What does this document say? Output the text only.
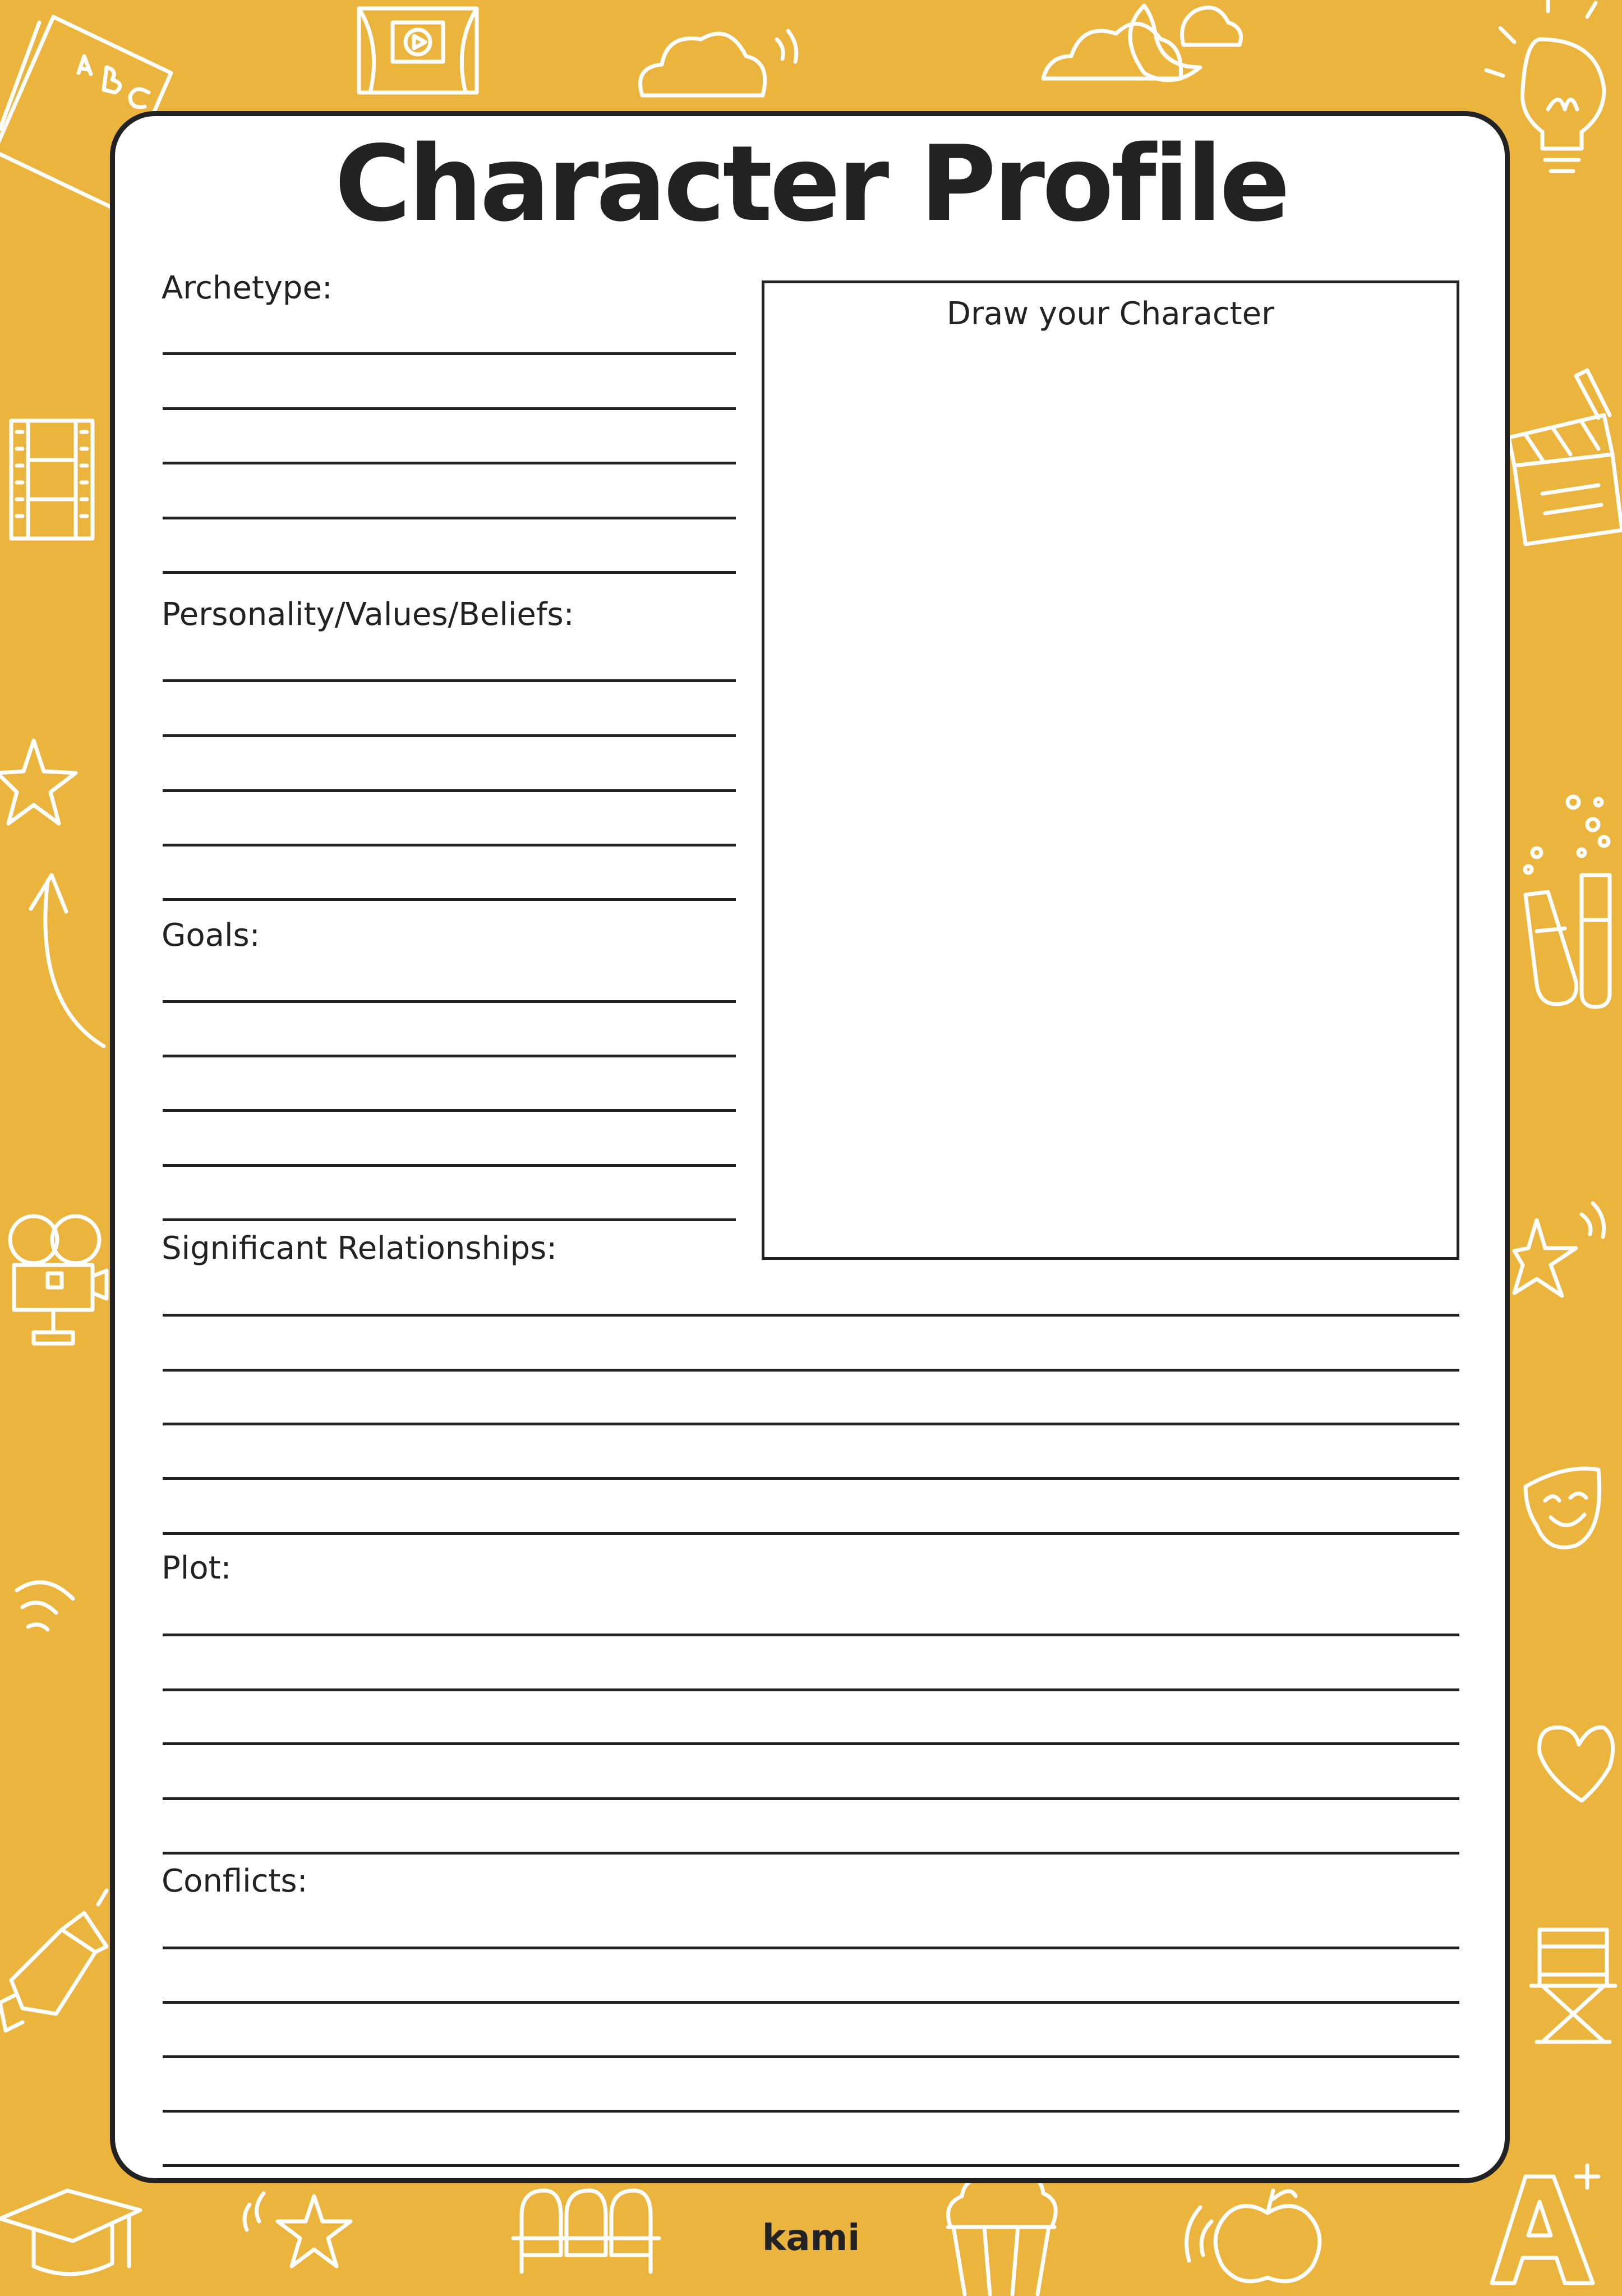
Character Profile
Archetype:
Personality/Values/Beliefs:
Goals:
Draw your Character
Significant Relationships:
Plot:
Conflicts:
kami
